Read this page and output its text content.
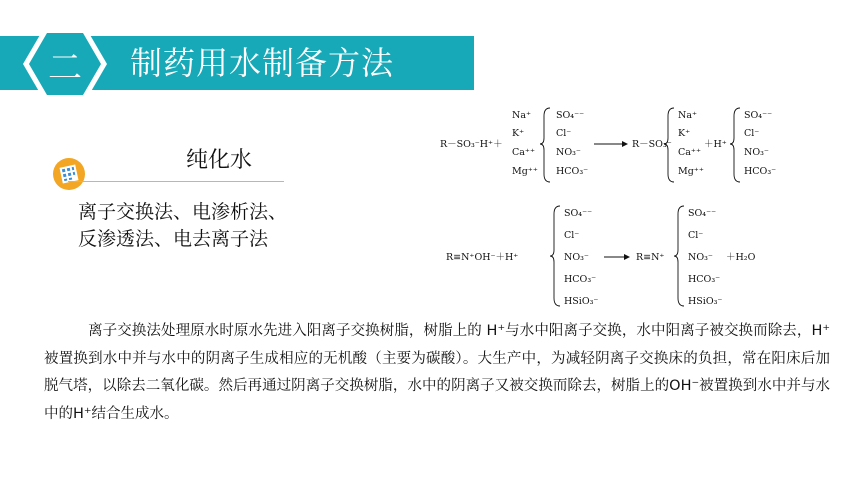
二	制药用水制备方法
纯化水
离子交换法、电渗析法、
反渗透法、电去离子法
R－SO₃⁻H⁺＋
Na⁺
K⁺
Ca⁺⁺
Mg⁺⁺
SO₄⁻⁻
Cl⁻
NO₃⁻
HCO₃⁻
R－SO₃⁻
Na⁺
K⁺
Ca⁺⁺
Mg⁺⁺
＋H⁺
SO₄⁻⁻
Cl⁻
NO₃⁻
HCO₃⁻
R≡N⁺OH⁻＋H⁺
SO₄⁻⁻
Cl⁻
NO₃⁻
HCO₃⁻
HSiO₃⁻
R≡N⁺
SO₄⁻⁻
Cl⁻
NO₃⁻
HCO₃⁻
HSiO₃⁻
＋H₂O
离子交换法处理原水时原水先进入阳离子交换树脂，树脂上的 H⁺与水中阳离子交换，水中阳离子被交换而除去，H⁺被置换到水中并与水中的阴离子生成相应的无机酸（主要为碳酸）。大生产中，为减轻阴离子交换床的负担，常在阳床后加脱气塔，以除去二氧化碳。然后再通过阴离子交换树脂，水中的阴离子又被交换而除去，树脂上的OH⁻被置换到水中并与水中的H⁺结合生成水。
